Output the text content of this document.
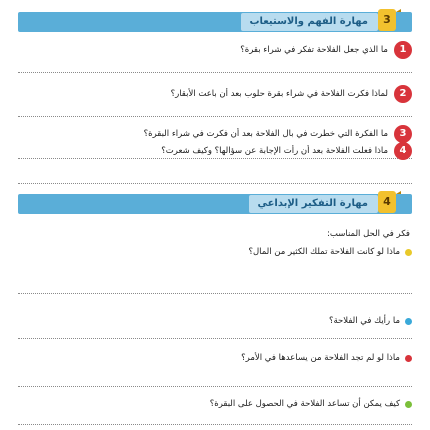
3
مهارة الفهم والاستيعاب
1
ما الذي جعل الفلاحة تفكر في شراء بقرة؟
2
لماذا فكرت الفلاحة في شراء بقرة حلوب بعد أن باعت الأبقار؟
3
ما الفكرة التي خطرت في بال الفلاحة بعد أن فكرت في شراء البقرة؟
4
ماذا فعلت الفلاحة بعد أن رأت الإجابة عن سؤالها؟ وكيف شعرت؟
4
مهارة التفكير الإبداعي
فكر في الحل المناسب:
ماذا لو كانت الفلاحة تملك الكثير من المال؟
ما رأيك في الفلاحة؟
ماذا لو لم تجد الفلاحة من يساعدها في الأمر؟
كيف يمكن أن تساعد الفلاحة في الحصول على البقرة؟
